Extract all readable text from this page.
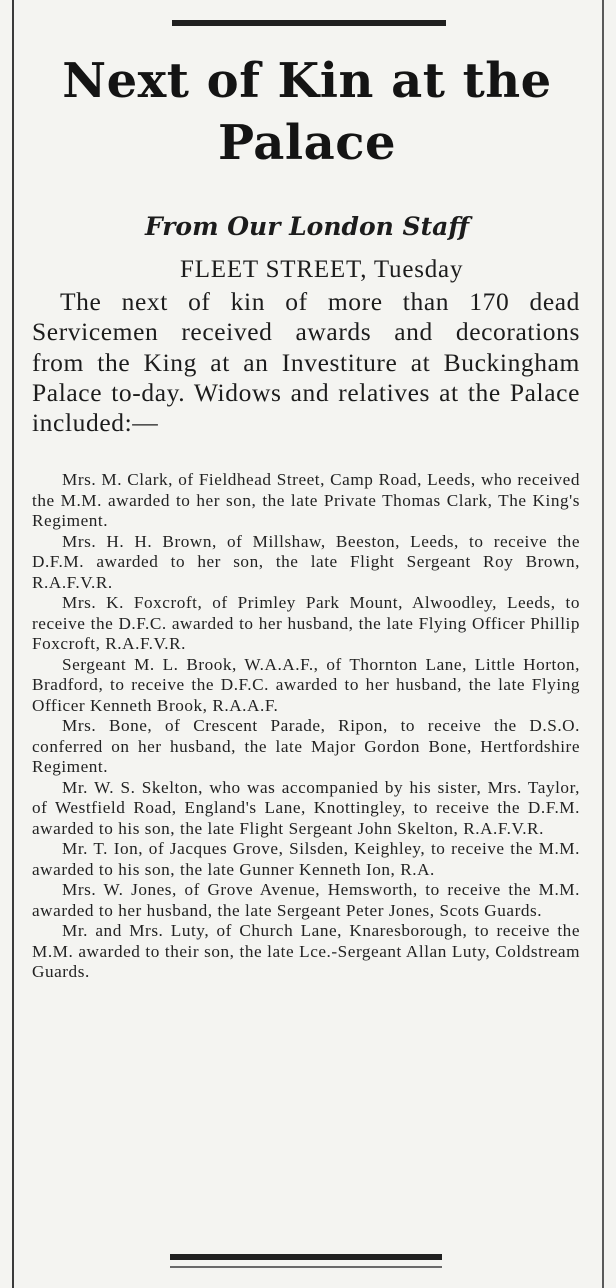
Next of Kin at the Palace
From Our London Staff
FLEET STREET, Tuesday

The next of kin of more than 170 dead Servicemen received awards and decorations from the King at an Investiture at Buckingham Palace to-day. Widows and relatives at the Palace included:—

Mrs. M. Clark, of Fieldhead Street, Camp Road, Leeds, who received the M.M. awarded to her son, the late Private Thomas Clark, The King's Regiment.
Mrs. H. H. Brown, of Millshaw, Beeston, Leeds, to receive the D.F.M. awarded to her son, the late Flight Sergeant Roy Brown, R.A.F.V.R.
Mrs. K. Foxcroft, of Primley Park Mount, Alwoodley, Leeds, to receive the D.F.C. awarded to her husband, the late Flying Officer Phillip Foxcroft, R.A.F.V.R.
Sergeant M. L. Brook, W.A.A.F., of Thornton Lane, Little Horton, Bradford, to receive the D.F.C. awarded to her husband, the late Flying Officer Kenneth Brook, R.A.A.F.
Mrs. Bone, of Crescent Parade, Ripon, to receive the D.S.O. conferred on her husband, the late Major Gordon Bone, Hertfordshire Regiment.
Mr. W. S. Skelton, who was accompanied by his sister, Mrs. Taylor, of Westfield Road, England's Lane, Knottingley, to receive the D.F.M. awarded to his son, the late Flight Sergeant John Skelton, R.A.F.V.R.
Mr. T. Ion, of Jacques Grove, Silsden, Keighley, to receive the M.M. awarded to his son, the late Gunner Kenneth Ion, R.A.
Mrs. W. Jones, of Grove Avenue, Hemsworth, to receive the M.M. awarded to her husband, the late Sergeant Peter Jones, Scots Guards.
Mr. and Mrs. Luty, of Church Lane, Knaresborough, to receive the M.M. awarded to their son, the late Lce.-Sergeant Allan Luty, Coldstream Guards.
